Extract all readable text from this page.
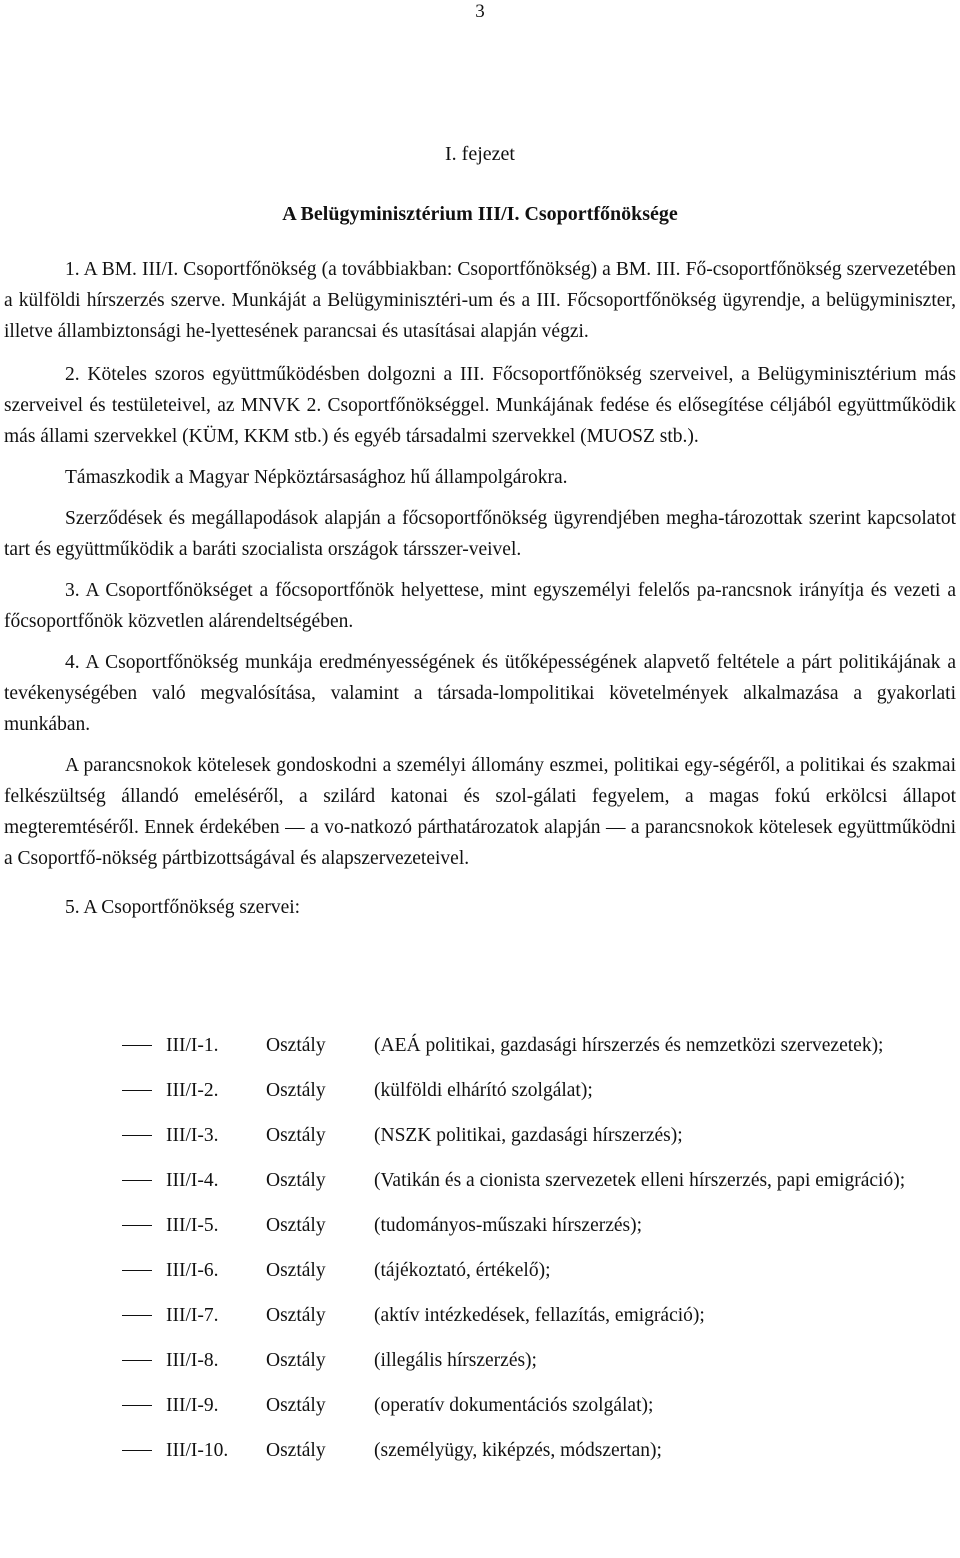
3
I. fejezet
A Belügyminisztérium III/I. Csoportfőnöksége

1. A BM. III/I. Csoportfőnökség (a továbbiakban: Csoportfőnökség) a BM. III. Fő-csoportfőnökség szervezetében a külföldi hírszerzés szerve. Munkáját a Belügyminisztéri-um és a III. Főcsoportfőnökség ügyrendje, a belügyminiszter, illetve állambiztonsági he-lyettesének parancsai és utasításai alapján végzi.

2. Köteles szoros együttműködésben dolgozni a III. Főcsoportfőnökség szerveivel, a Belügyminisztérium más szerveivel és testületeivel, az MNVK 2. Csoportfőnökséggel. Munkájának fedése és elősegítése céljából együttműködik más állami szervekkel (KÜM, KKM stb.) és egyéb társadalmi szervekkel (MUOSZ stb.).

Támaszkodik a Magyar Népköztársasághoz hű állampolgárokra.

Szerződések és megállapodások alapján a főcsoportfőnökség ügyrendjében megha-tározottak szerint kapcsolatot tart és együttműködik a baráti szocialista országok társszer-veivel.

3. A Csoportfőnökséget a főcsoportfőnök helyettese, mint egyszemélyi felelős pa-rancsnok irányítja és vezeti a főcsoportfőnök közvetlen alárendeltségében.

4. A Csoportfőnökség munkája eredményességének és ütőképességének alapvető feltétele a párt politikájának a tevékenységében való megvalósítása, valamint a társada-lompolitikai követelmények alkalmazása a gyakorlati munkában.

A parancsnokok kötelesek gondoskodni a személyi állomány eszmei, politikai egy-ségéről, a politikai és szakmai felkészültség állandó emeléséről, a szilárd katonai és szol-gálati fegyelem, a magas fokú erkölcsi állapot megteremtéséről. Ennek érdekében — a vo-natkozó párthatározatok alapján — a parancsnokok kötelesek együttműködni a Csoportfő-nökség pártbizottságával és alapszervezeteivel.

5. A Csoportfőnökség szervei:

III/I-1. Osztály (AEÁ politikai, gazdasági hírszerzés és nemzetközi szervezetek);
III/I-2. Osztály (külföldi elhárító szolgálat);
III/I-3. Osztály (NSZK politikai, gazdasági hírszerzés);
III/I-4. Osztály (Vatikán és a cionista szervezetek elleni hírszerzés, papi emigráció);
III/I-5. Osztály (tudományos-műszaki hírszerzés);
III/I-6. Osztály (tájékoztató, értékelő);
III/I-7. Osztály (aktív intézkedések, fellazítás, emigráció);
III/I-8. Osztály (illegális hírszerzés);
III/I-9. Osztály (operatív dokumentációs szolgálat);
III/I-10. Osztály (személyügy, kiképzés, módszertan);
